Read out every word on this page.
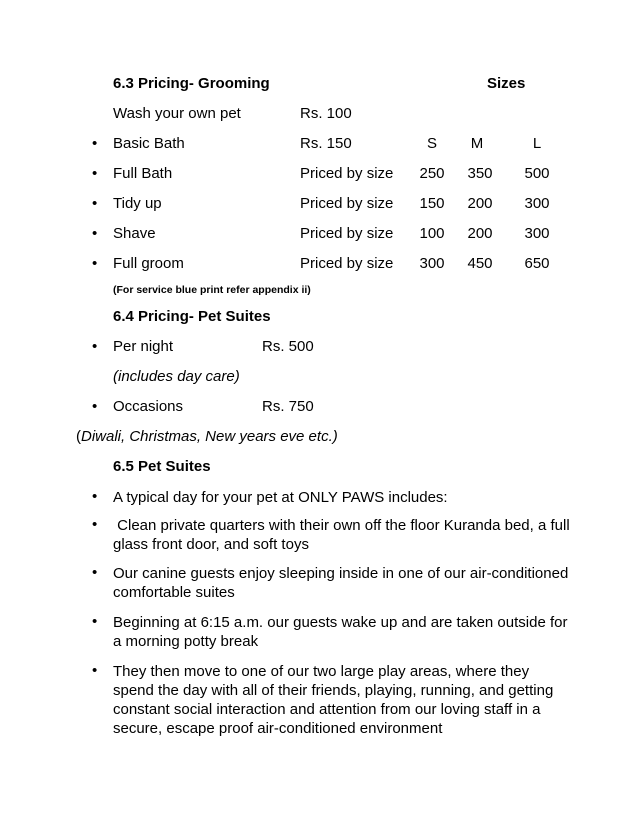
6.3 Pricing- Grooming	Sizes
Wash your own pet	Rs. 100
• Basic Bath	Rs. 150	S	M	L
• Full Bath	Priced by size	250	350	500
• Tidy up	Priced by size	150	200	300
• Shave	Priced by size	100	200	300
• Full groom	Priced by size	300	450	650
(For service blue print refer appendix ii)
6.4 Pricing- Pet Suites
• Per night	Rs. 500
(includes day care)
• Occasions	Rs. 750
(Diwali, Christmas, New years eve etc.)
6.5 Pet Suites
• A typical day for your pet at ONLY PAWS includes:
• Clean private quarters with their own off the floor Kuranda bed, a full glass front door, and soft toys
• Our canine guests enjoy sleeping inside in one of our air-conditioned comfortable suites
• Beginning at 6:15 a.m. our guests wake up and are taken outside for a morning potty break
• They then move to one of our two large play areas, where they spend the day with all of their friends, playing, running, and getting constant social interaction and attention from our loving staff in a secure, escape proof air-conditioned environment
